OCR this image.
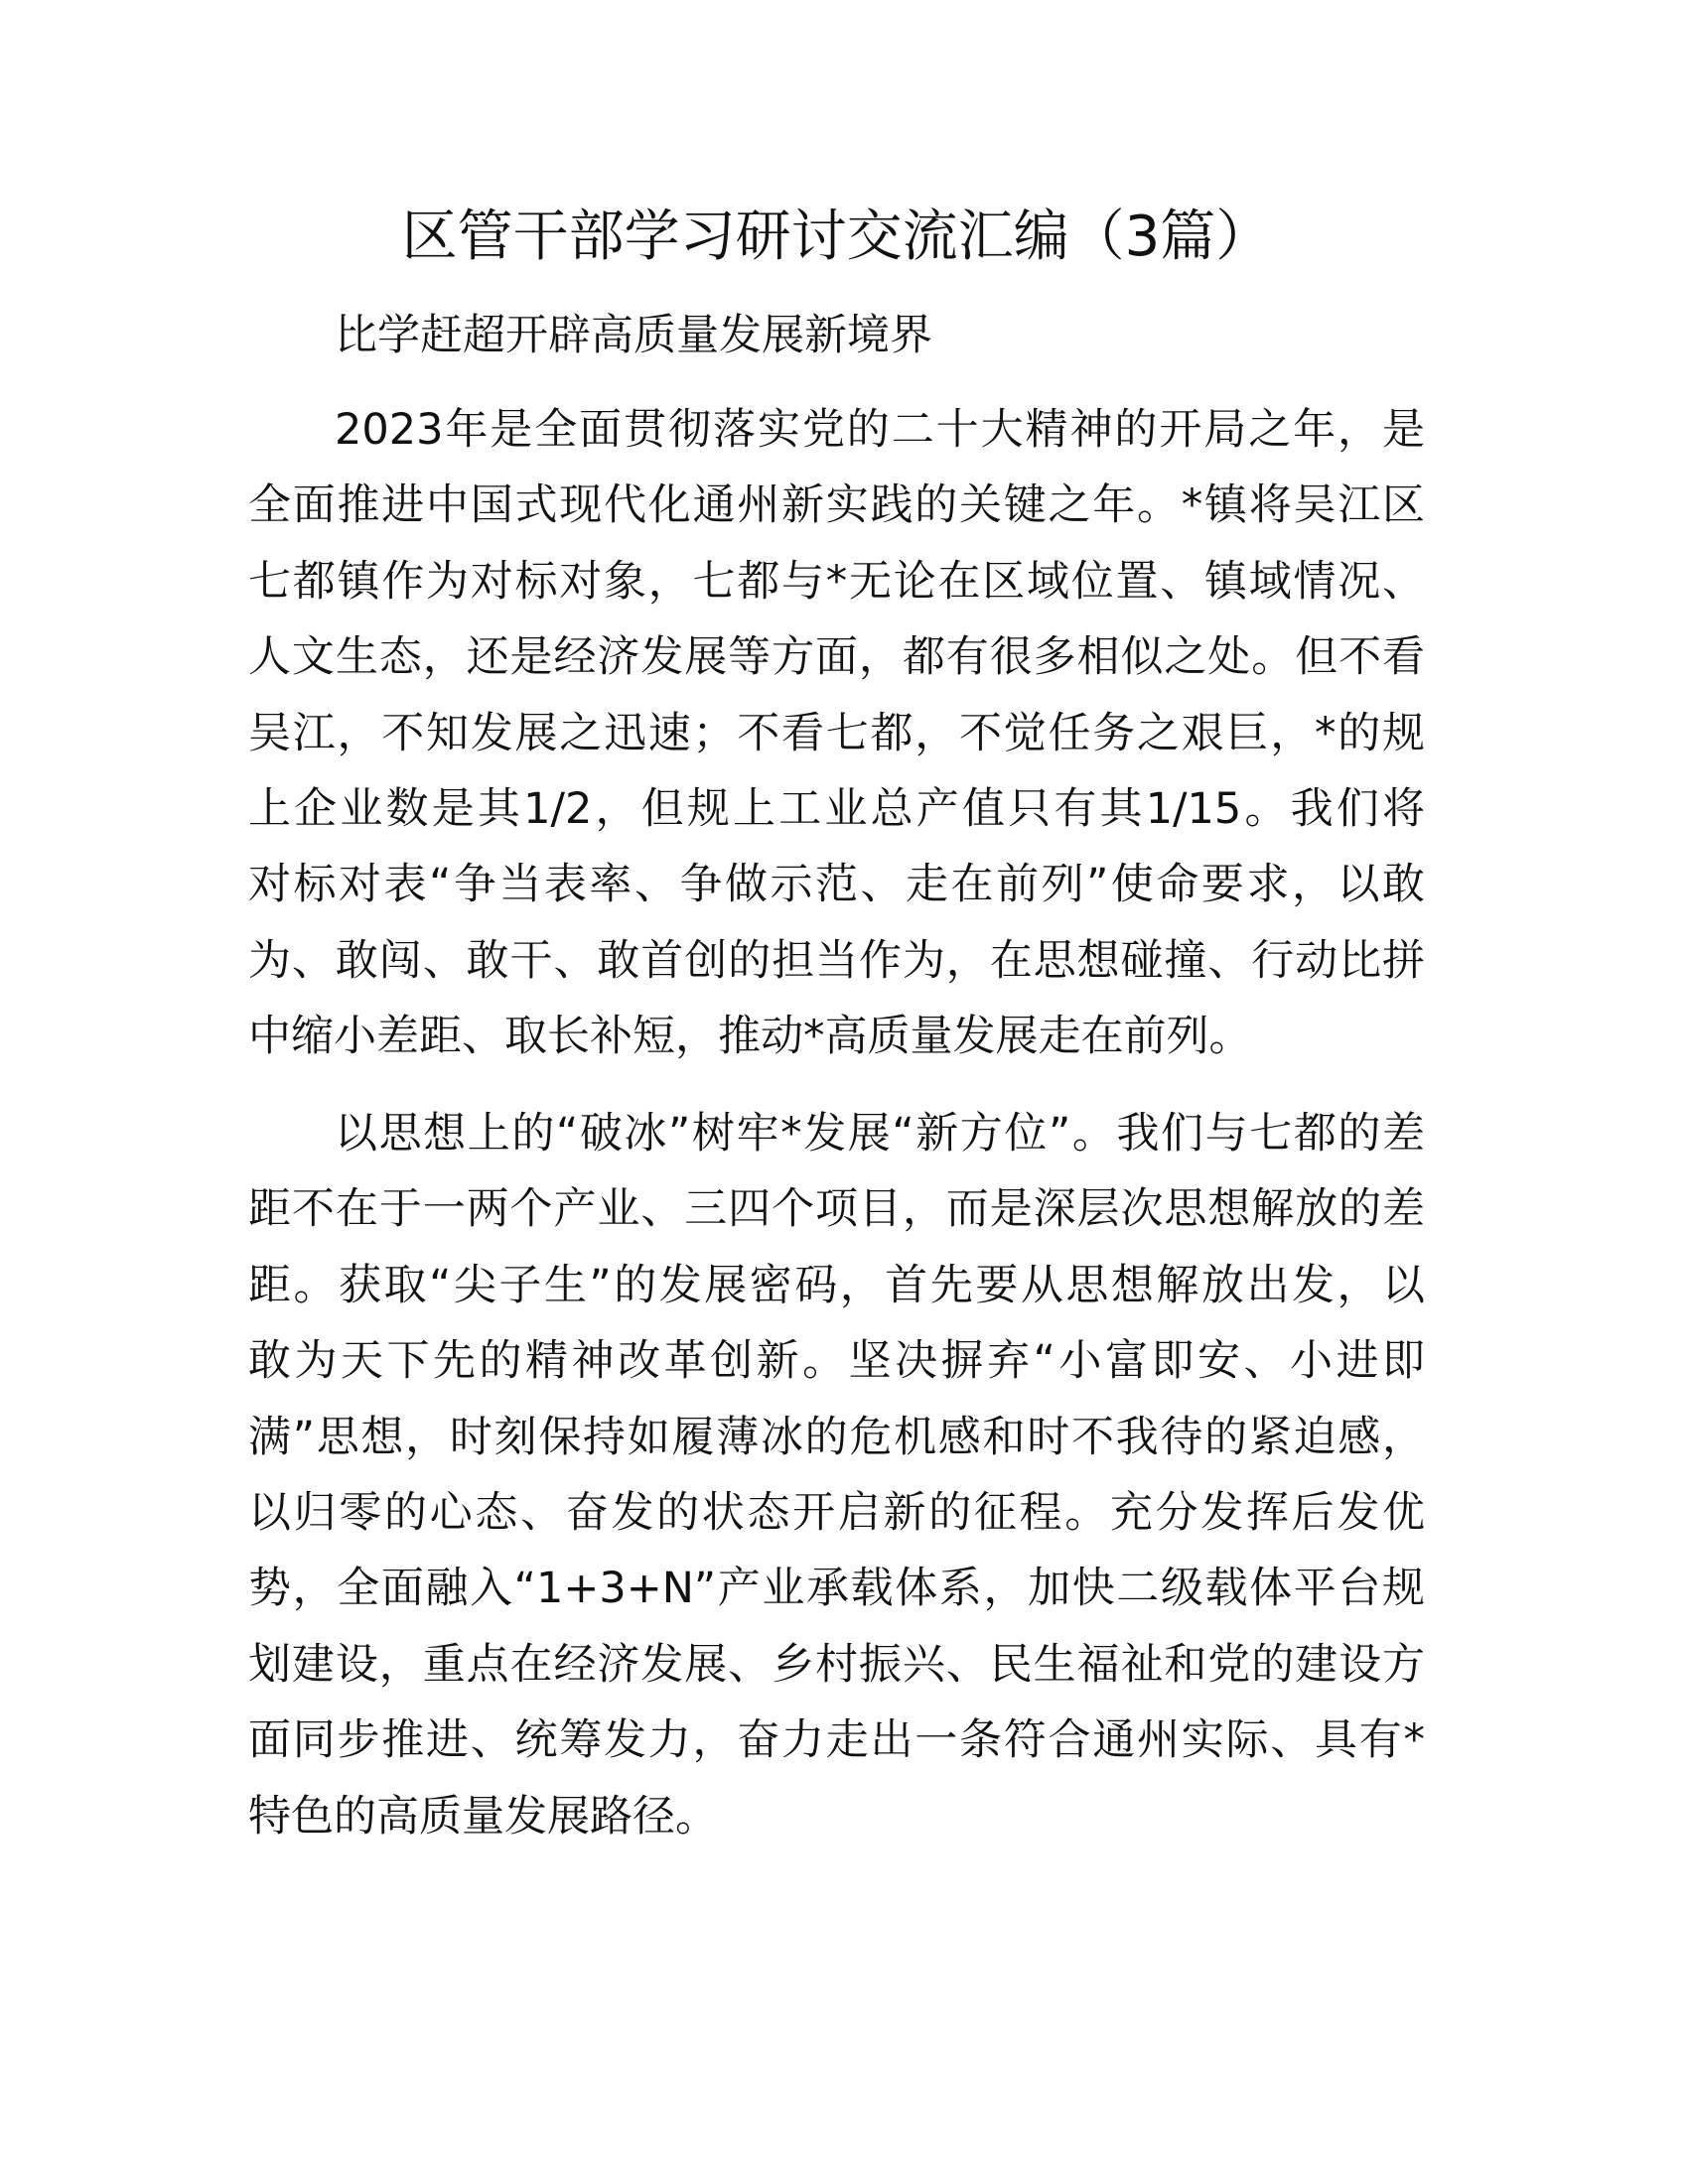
区管干部学习研讨交流汇编（3篇）
比学赶超开辟高质量发展新境界
2023年是全面贯彻落实党的二十大精神的开局之年，是
全面推进中国式现代化通州新实践的关键之年。*镇将吴江区
七都镇作为对标对象，七都与*无论在区域位置、镇域情况、
人文生态，还是经济发展等方面，都有很多相似之处。但不看
吴江，不知发展之迅速；不看七都，不觉任务之艰巨，*的规
上企业数是其1/2，但规上工业总产值只有其1/15。我们将
对标对表“争当表率、争做示范、走在前列”使命要求，以敢
为、敢闯、敢干、敢首创的担当作为，在思想碰撞、行动比拼
中缩小差距、取长补短，推动*高质量发展走在前列。
以思想上的“破冰”树牢*发展“新方位”。我们与七都的差
距不在于一两个产业、三四个项目，而是深层次思想解放的差
距。获取“尖子生”的发展密码，首先要从思想解放出发，以
敢为天下先的精神改革创新。坚决摒弃“小富即安、小进即
满”思想，时刻保持如履薄冰的危机感和时不我待的紧迫感，
以归零的心态、奋发的状态开启新的征程。充分发挥后发优
势，全面融入“1+3+N”产业承载体系，加快二级载体平台规
划建设，重点在经济发展、乡村振兴、民生福祉和党的建设方
面同步推进、统筹发力，奋力走出一条符合通州实际、具有*
特色的高质量发展路径。
